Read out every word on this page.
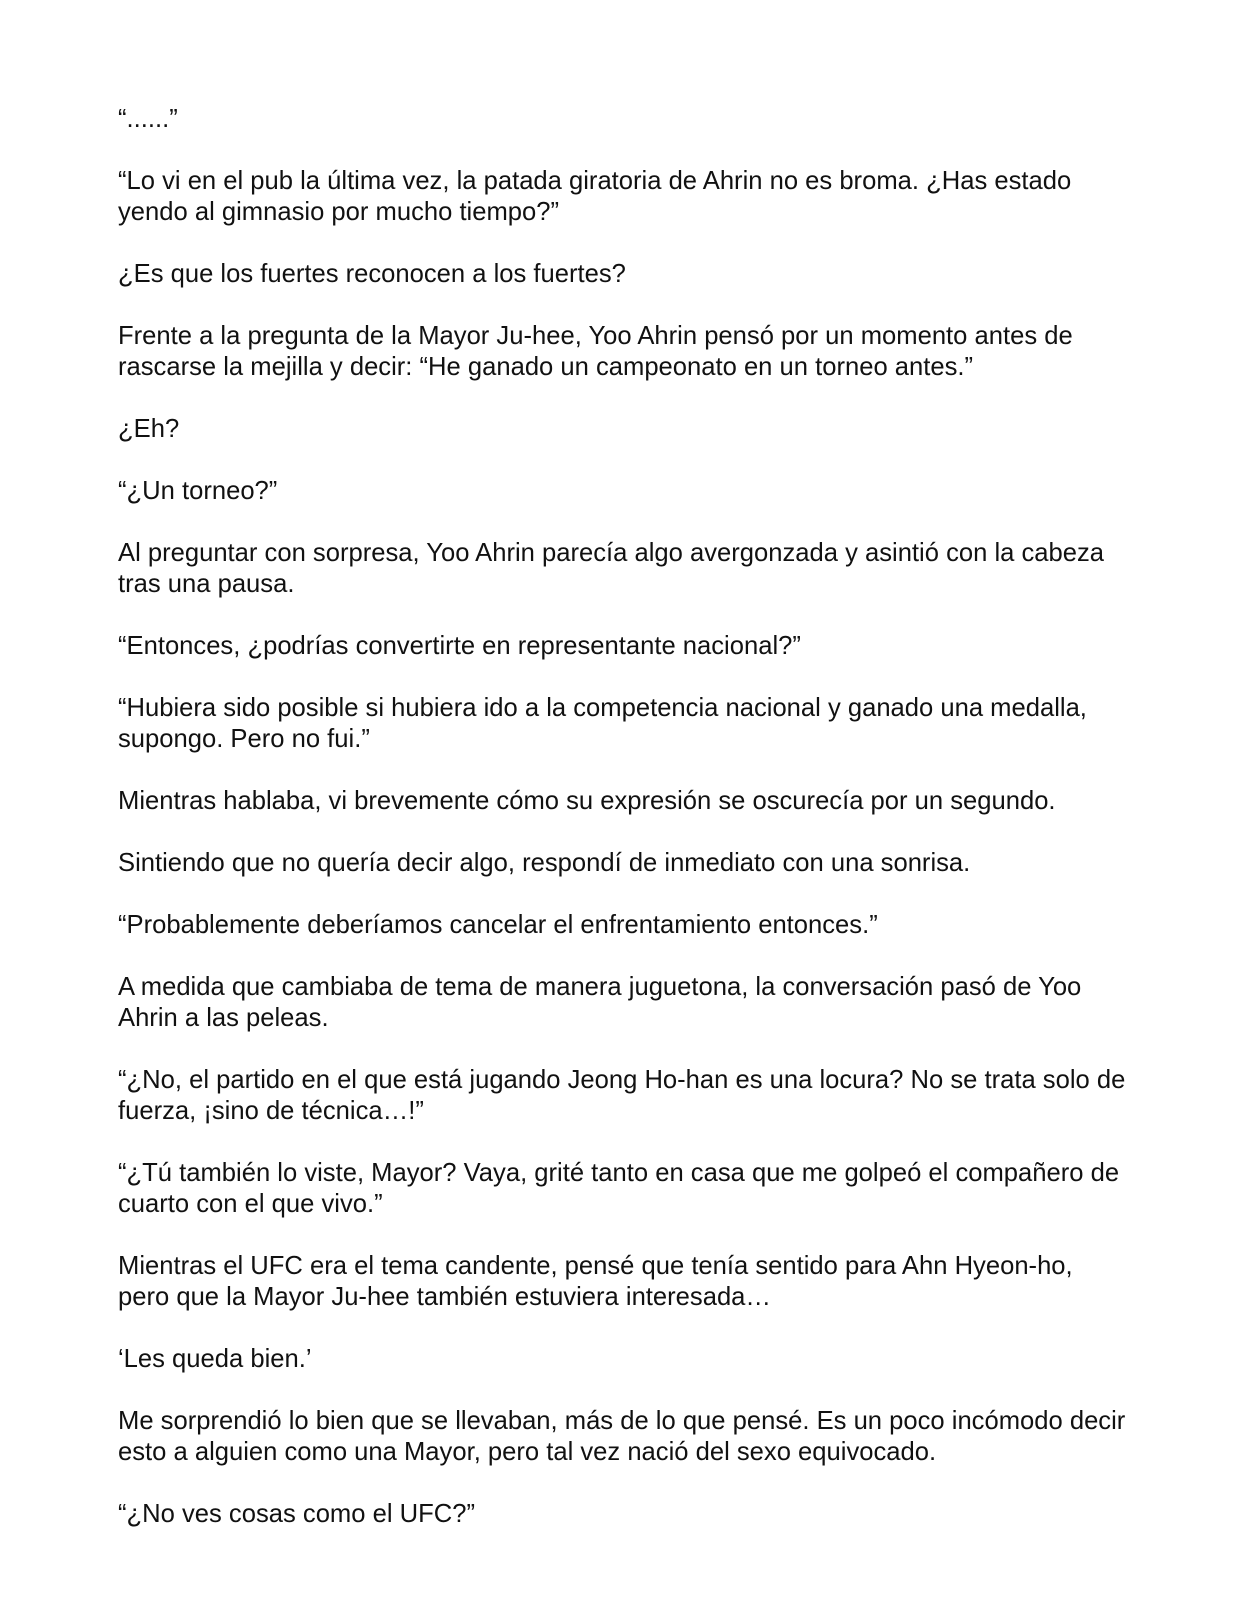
“......”

“Lo vi en el pub la última vez, la patada giratoria de Ahrin no es broma. ¿Has estado yendo al gimnasio por mucho tiempo?”

¿Es que los fuertes reconocen a los fuertes?

Frente a la pregunta de la Mayor Ju-hee, Yoo Ahrin pensó por un momento antes de rascarse la mejilla y decir: “He ganado un campeonato en un torneo antes.”

¿Eh?

“¿Un torneo?”

Al preguntar con sorpresa, Yoo Ahrin parecía algo avergonzada y asintió con la cabeza tras una pausa.

“Entonces, ¿podrías convertirte en representante nacional?”

“Hubiera sido posible si hubiera ido a la competencia nacional y ganado una medalla, supongo. Pero no fui.”

Mientras hablaba, vi brevemente cómo su expresión se oscurecía por un segundo.

Sintiendo que no quería decir algo, respondí de inmediato con una sonrisa.

“Probablemente deberíamos cancelar el enfrentamiento entonces.”

A medida que cambiaba de tema de manera juguetona, la conversación pasó de Yoo Ahrin a las peleas.

“¿No, el partido en el que está jugando Jeong Ho-han es una locura? No se trata solo de fuerza, ¡sino de técnica…!”

“¿Tú también lo viste, Mayor? Vaya, grité tanto en casa que me golpeó el compañero de cuarto con el que vivo.”

Mientras el UFC era el tema candente, pensé que tenía sentido para Ahn Hyeon-ho, pero que la Mayor Ju-hee también estuviera interesada…

‘Les queda bien.’

Me sorprendió lo bien que se llevaban, más de lo que pensé. Es un poco incómodo decir esto a alguien como una Mayor, pero tal vez nació del sexo equivocado.

“¿No ves cosas como el UFC?”
